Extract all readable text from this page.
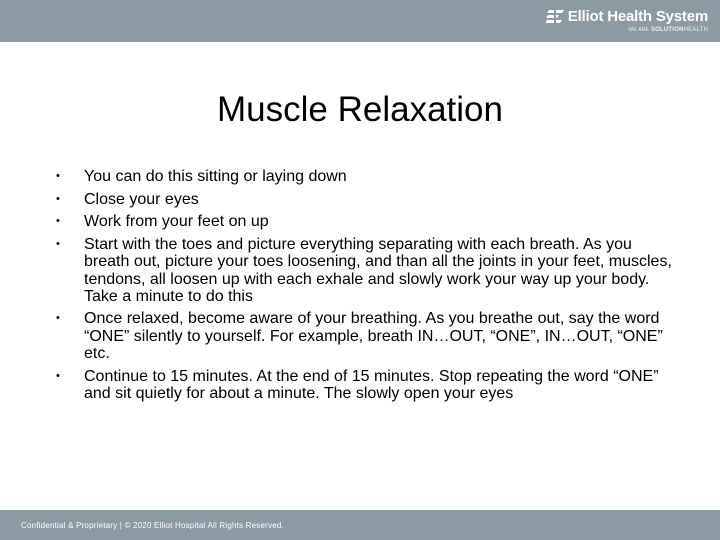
Elliot Health System
WE ARE SOLUTIONHEALTH
Muscle Relaxation
• You can do this sitting or laying down
• Close your eyes
• Work from your feet on up
• Start with the toes and picture everything separating with each breath. As you breath out, picture your toes loosening, and than all the joints in your feet, muscles, tendons, all loosen up with each exhale and slowly work your way up your body. Take a minute to do this
• Once relaxed, become aware of your breathing. As you breathe out, say the word “ONE” silently to yourself. For example, breath IN…OUT, “ONE”, IN…OUT, “ONE” etc.
• Continue to 15 minutes. At the end of 15 minutes. Stop repeating the word “ONE” and sit quietly for about a minute. The slowly open your eyes
Confidential & Proprietary | © 2020 Elliot Hospital All Rights Reserved.
